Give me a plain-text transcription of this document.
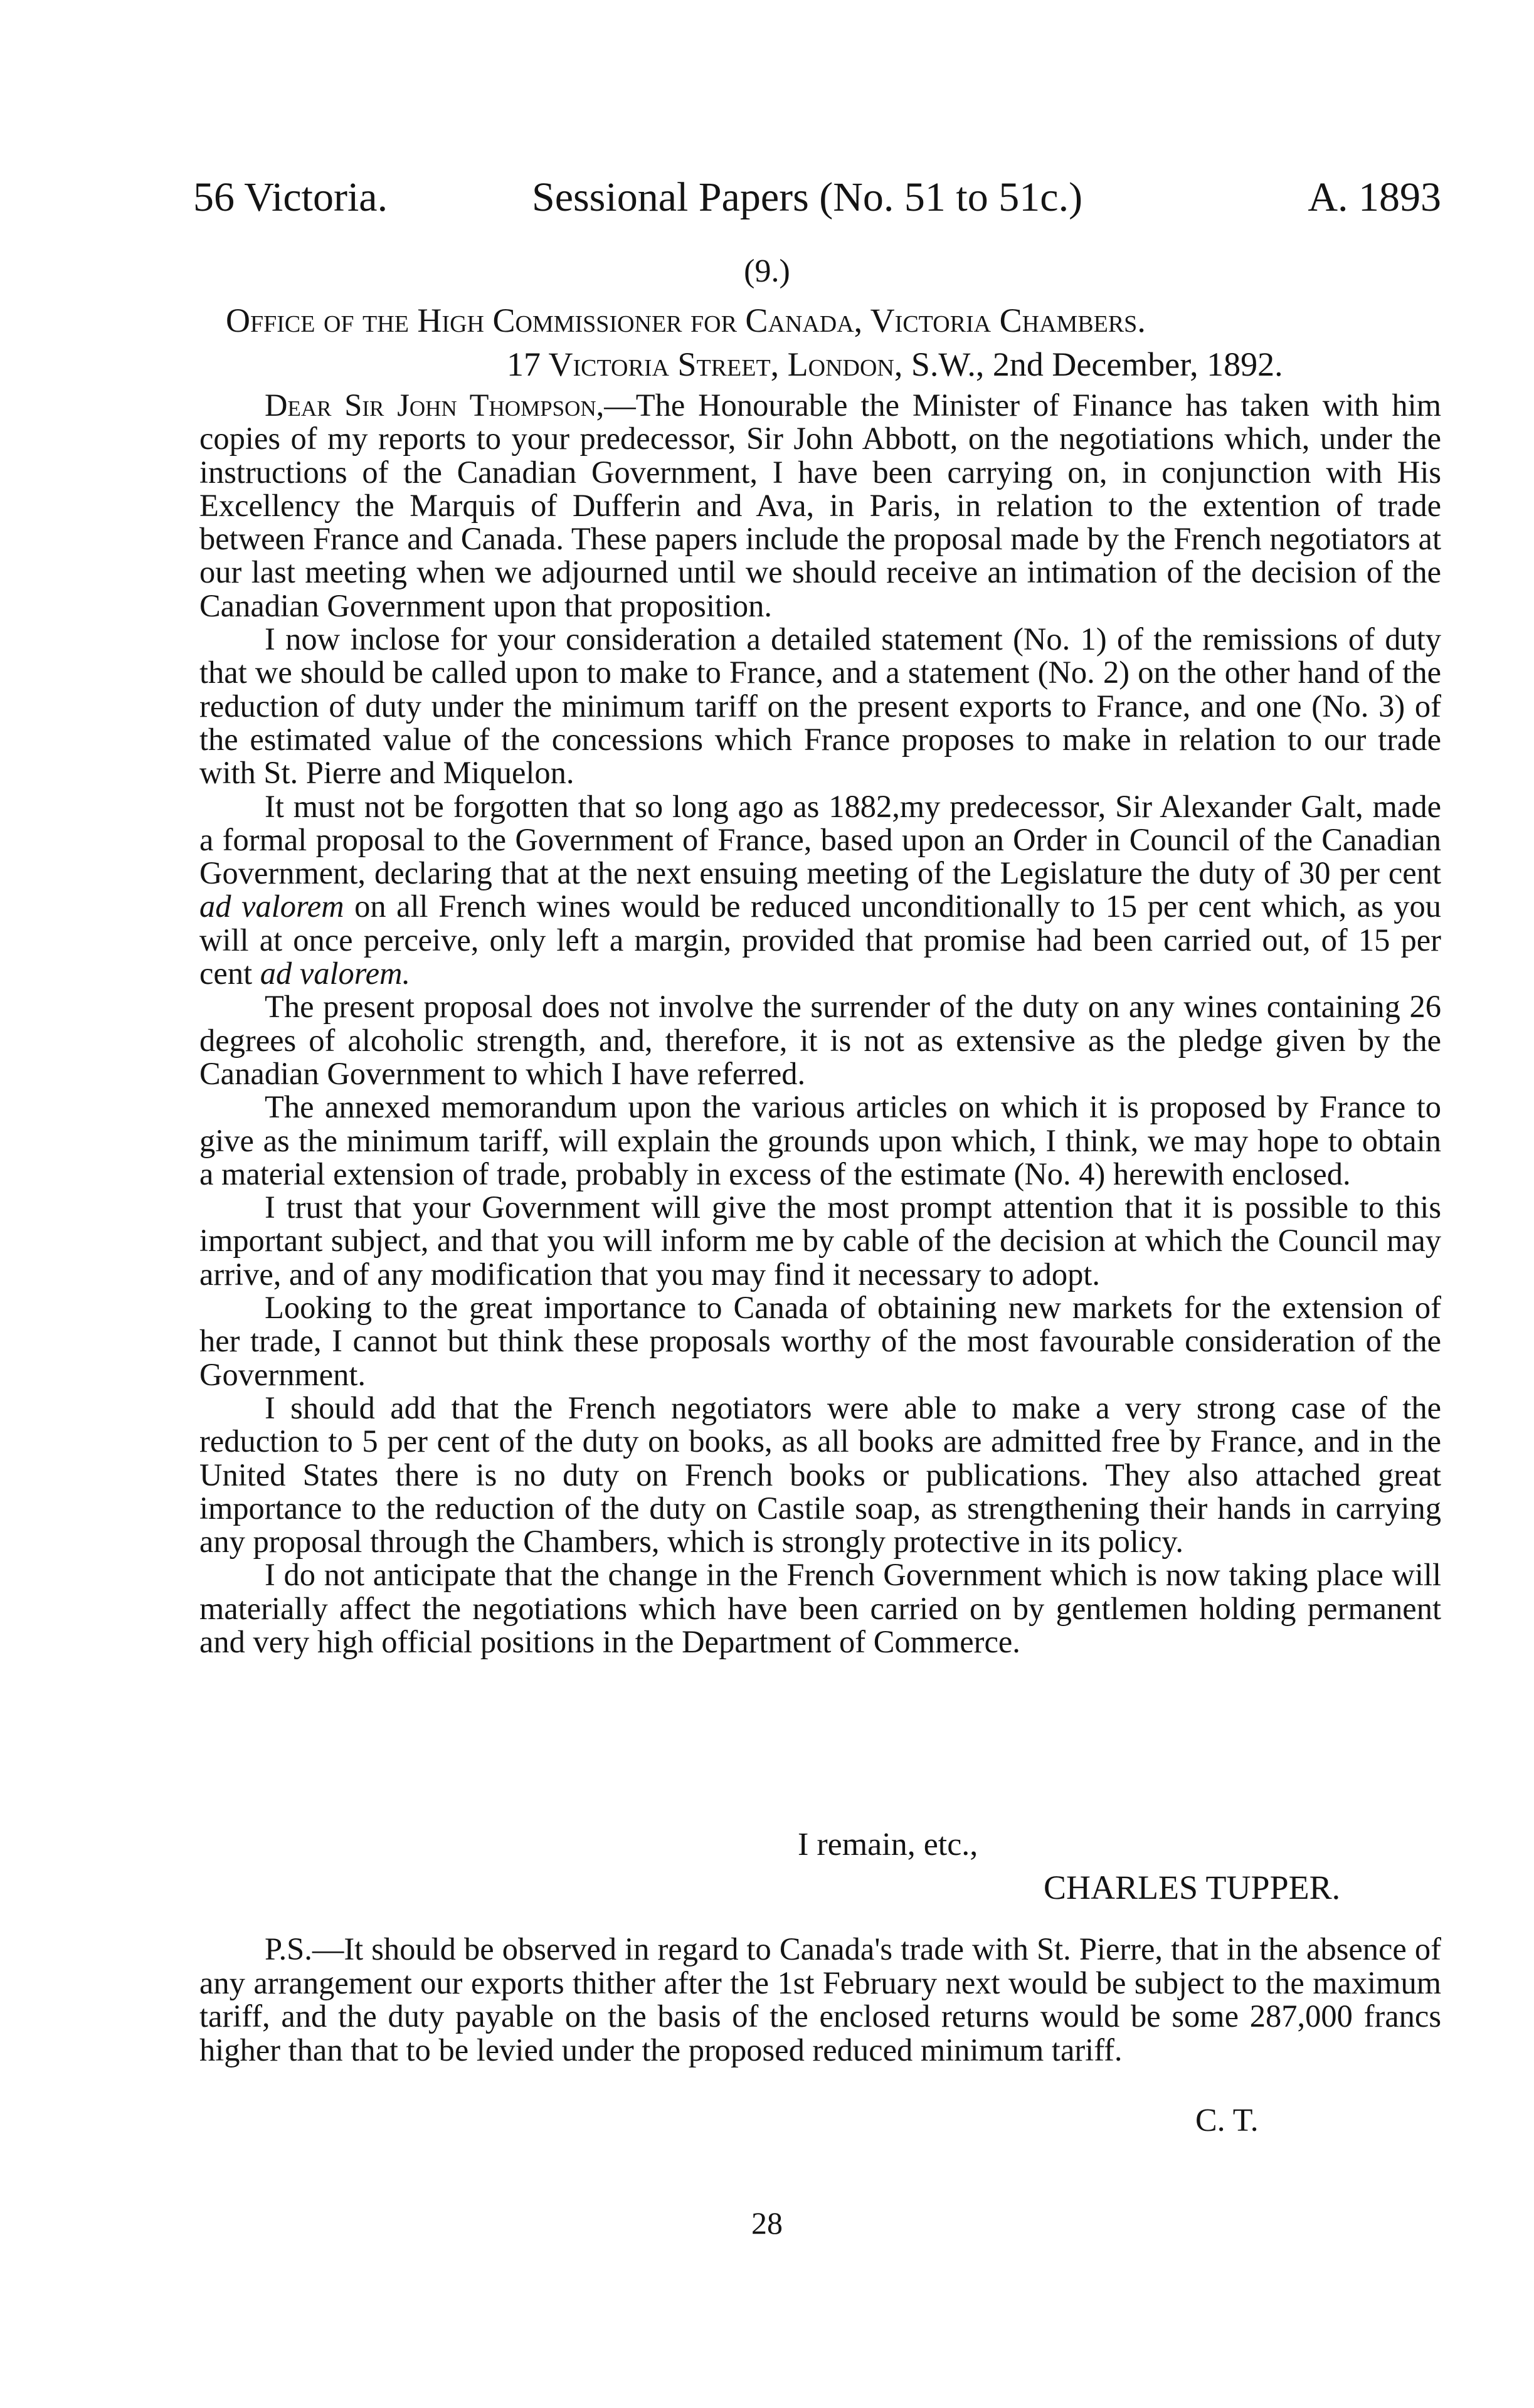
56 Victoria.	Sessional Papers (No. 51 to 51c.)	A. 1893
(9.)
Office of the High Commissioner for Canada, Victoria Chambers.
17 Victoria Street, London, S.W., 2nd December, 1892.

Dear Sir John Thompson,—The Honourable the Minister of Finance has taken with him copies of my reports to your predecessor, Sir John Abbott, on the negotiations which, under the instructions of the Canadian Government, I have been carrying on, in conjunction with His Excellency the Marquis of Dufferin and Ava, in Paris, in relation to the extention of trade between France and Canada. These papers include the proposal made by the French negotiators at our last meeting when we adjourned until we should receive an intimation of the decision of the Canadian Government upon that proposition.

I now inclose for your consideration a detailed statement (No. 1) of the remissions of duty that we should be called upon to make to France, and a statement (No. 2) on the other hand of the reduction of duty under the minimum tariff on the present exports to France, and one (No. 3) of the estimated value of the concessions which France proposes to make in relation to our trade with St. Pierre and Miquelon.

It must not be forgotten that so long ago as 1882,my predecessor, Sir Alexander Galt, made a formal proposal to the Government of France, based upon an Order in Council of the Canadian Government, declaring that at the next ensuing meeting of the Legislature the duty of 30 per cent ad valorem on all French wines would be reduced unconditionally to 15 per cent which, as you will at once perceive, only left a margin, provided that promise had been carried out, of 15 per cent ad valorem.

The present proposal does not involve the surrender of the duty on any wines containing 26 degrees of alcoholic strength, and, therefore, it is not as extensive as the pledge given by the Canadian Government to which I have referred.

The annexed memorandum upon the various articles on which it is proposed by France to give as the minimum tariff, will explain the grounds upon which, I think, we may hope to obtain a material extension of trade, probably in excess of the estimate (No. 4) herewith enclosed.

I trust that your Government will give the most prompt attention that it is possible to this important subject, and that you will inform me by cable of the decision at which the Council may arrive, and of any modification that you may find it necessary to adopt.

Looking to the great importance to Canada of obtaining new markets for the extension of her trade, I cannot but think these proposals worthy of the most favourable consideration of the Government.

I should add that the French negotiators were able to make a very strong case of the reduction to 5 per cent of the duty on books, as all books are admitted free by France, and in the United States there is no duty on French books or publications. They also attached great importance to the reduction of the duty on Castile soap, as strengthening their hands in carrying any proposal through the Chambers, which is strongly protective in its policy.

I do not anticipate that the change in the French Government which is now taking place will materially affect the negotiations which have been carried on by gentlemen holding permanent and very high official positions in the Department of Commerce.

I remain, etc.,
CHARLES TUPPER.

P.S.—It should be observed in regard to Canada's trade with St. Pierre, that in the absence of any arrangement our exports thither after the 1st February next would be subject to the maximum tariff, and the duty payable on the basis of the enclosed returns would be some 287,000 francs higher than that to be levied under the proposed reduced minimum tariff.

C. T.
28
